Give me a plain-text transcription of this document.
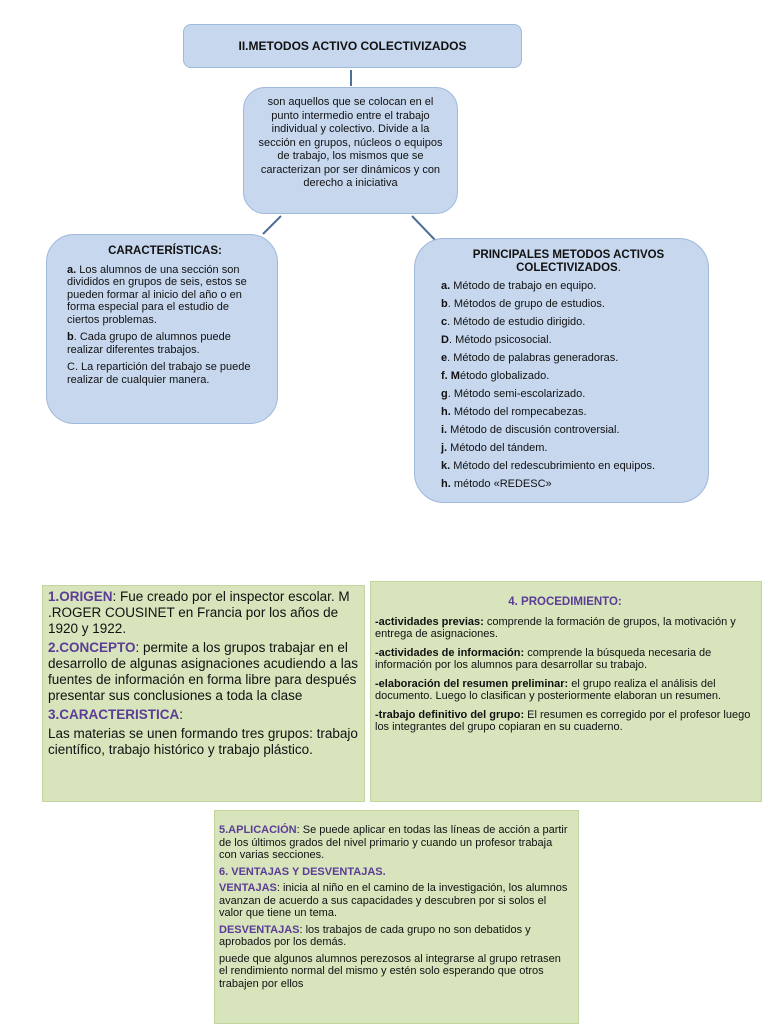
II.METODOS ACTIVO COLECTIVIZADOS
son aquellos que se colocan en el punto intermedio entre el trabajo individual y colectivo. Divide a la sección en grupos, núcleos o equipos de trabajo, los mismos que se caracterizan por ser dinámicos y con derecho a iniciativa
CARACTERÍSTICAS:

a. Los alumnos de una sección son divididos en grupos de seis, estos se pueden formar al inicio del año o en forma especial para el estudio de ciertos problemas.

b. Cada grupo de alumnos puede realizar diferentes trabajos.

C. La repartición del trabajo se puede realizar de cualquier manera.

PRINCIPALES METODOS ACTIVOS COLECTIVIZADOS.
a. Método de trabajo en equipo.
b. Métodos de grupo de estudios.
c. Método de estudio dirigido.
D. Método psicosocial.
e. Método de palabras generadoras.
f. Método globalizado.
g. Método semi-escolarizado.
h. Método del rompecabezas.
i. Método de discusión controversial.
j. Método del tándem.
k. Método del redescubrimiento en equipos.
h. método «REDESC»

1.ORIGEN: Fue creado por el inspector escolar. M .ROGER COUSINET en Francia por los años de 1920 y 1922.

2.CONCEPTO: permite a los grupos trabajar en el desarrollo de algunas asignaciones acudiendo a las fuentes de información en forma libre para después presentar sus conclusiones a toda la clase

3.CARACTERISTICA:

Las materias se unen formando tres grupos: trabajo científico, trabajo histórico y trabajo plástico.

4. PROCEDIMIENTO:

-actividades previas: comprende la formación de grupos, la motivación y entrega de asignaciones.

-actividades de información: comprende la búsqueda necesaria de información por los alumnos para desarrollar su trabajo.

-elaboración del resumen preliminar: el grupo realiza el análisis del documento. Luego lo clasifican y posteriormente elaboran un resumen.

-trabajo definitivo del grupo: El resumen es corregido por el profesor luego los integrantes del grupo copiaran en su cuaderno.

5.APLICACIÓN: Se puede aplicar en todas las líneas de acción a partir de los últimos grados del nivel primario y cuando un profesor trabaja con varias secciones.

6. VENTAJAS Y DESVENTAJAS.

VENTAJAS: inicia al niño en el camino de la investigación, los alumnos avanzan de acuerdo a sus capacidades y descubren por si solos el valor que tiene un tema.

DESVENTAJAS: los trabajos de cada grupo no son debatidos y aprobados por los demás.

puede que algunos alumnos perezosos al integrarse al grupo retrasen el rendimiento normal del mismo y estén solo esperando que otros trabajen por ellos
